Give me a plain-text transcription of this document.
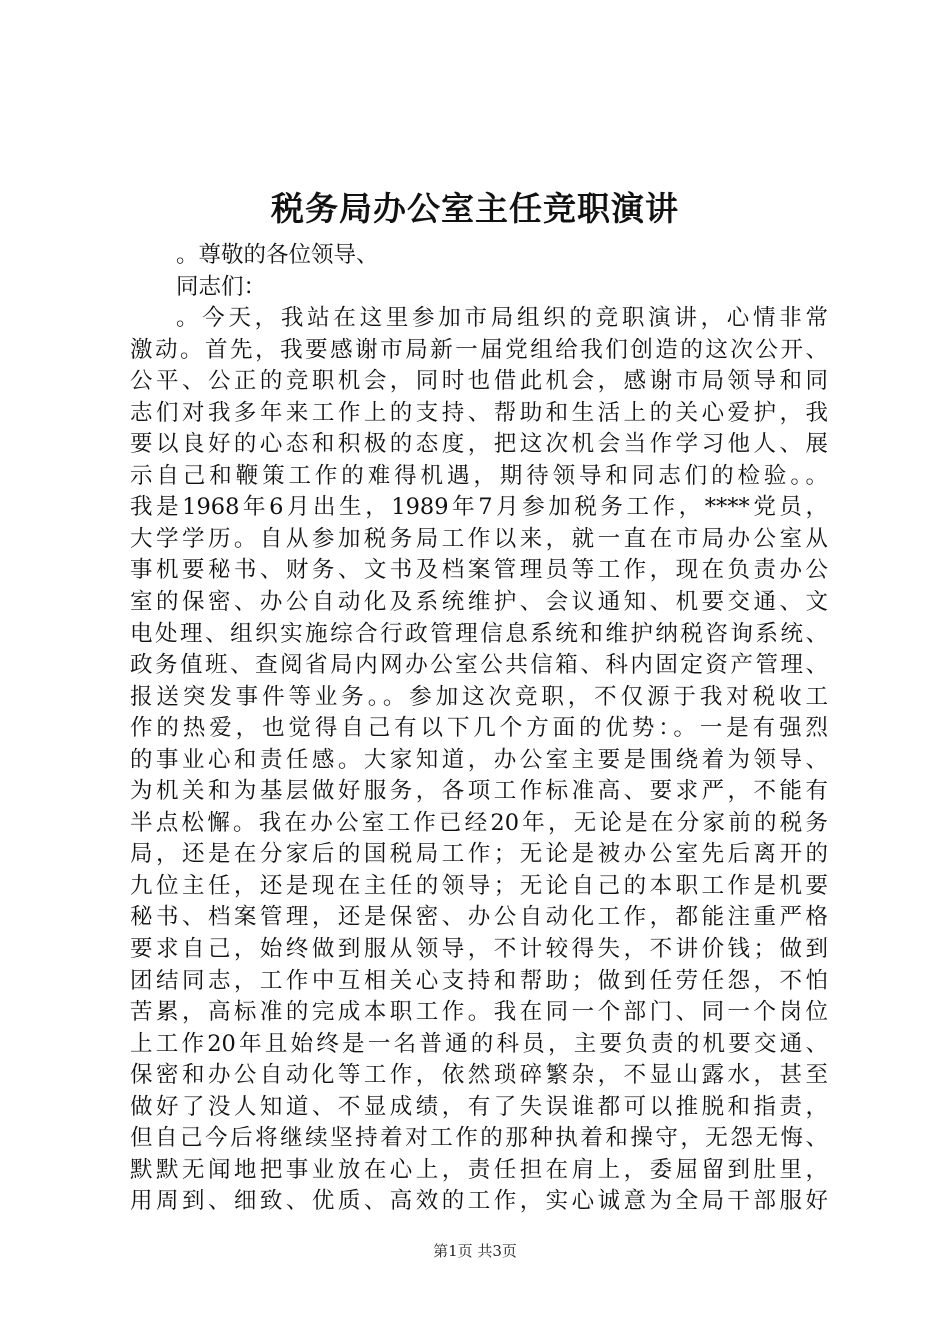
税务局办公室主任竞职演讲
。尊敬的各位领导、
同志们：
。今天，我站在这里参加市局组织的竞职演讲，心情非常
激动。首先，我要感谢市局新一届党组给我们创造的这次公开、
公平、公正的竞职机会，同时也借此机会，感谢市局领导和同
志们对我多年来工作上的支持、帮助和生活上的关心爱护，我
要以良好的心态和积极的态度，把这次机会当作学习他人、展
示自己和鞭策工作的难得机遇，期待领导和同志们的检验。。
我是1968年6月出生，1989年7月参加税务工作，****党员，
大学学历。自从参加税务局工作以来，就一直在市局办公室从
事机要秘书、财务、文书及档案管理员等工作，现在负责办公
室的保密、办公自动化及系统维护、会议通知、机要交通、文
电处理、组织实施综合行政管理信息系统和维护纳税咨询系统、
政务值班、查阅省局内网办公室公共信箱、科内固定资产管理、
报送突发事件等业务。。参加这次竞职，不仅源于我对税收工
作的热爱，也觉得自己有以下几个方面的优势：。一是有强烈
的事业心和责任感。大家知道，办公室主要是围绕着为领导、
为机关和为基层做好服务，各项工作标准高、要求严，不能有
半点松懈。我在办公室工作已经20年，无论是在分家前的税务
局，还是在分家后的国税局工作；无论是被办公室先后离开的
九位主任，还是现在主任的领导；无论自己的本职工作是机要
秘书、档案管理，还是保密、办公自动化工作，都能注重严格
要求自己，始终做到服从领导，不计较得失，不讲价钱；做到
团结同志，工作中互相关心支持和帮助；做到任劳任怨，不怕
苦累，高标准的完成本职工作。我在同一个部门、同一个岗位
上工作20年且始终是一名普通的科员，主要负责的机要交通、
保密和办公自动化等工作，依然琐碎繁杂，不显山露水，甚至
做好了没人知道、不显成绩，有了失误谁都可以推脱和指责，
但自己今后将继续坚持着对工作的那种执着和操守，无怨无悔、
默默无闻地把事业放在心上，责任担在肩上，委屈留到肚里，
用周到、细致、优质、高效的工作，实心诚意为全局干部服好
第1页 共3页
